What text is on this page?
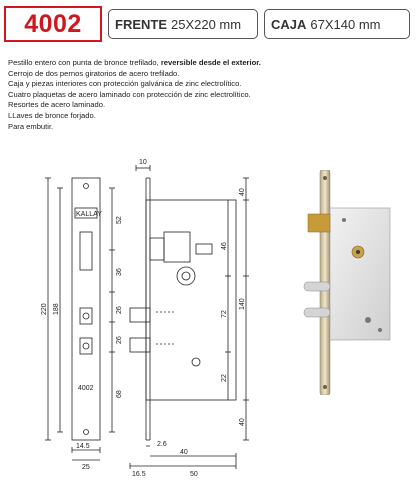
4002	FRENTE 25X220 mm CAJA 67X140 mm
Pestillo entero con punta de bronce trefilado, reversible desde el exterior.
Cerrojo de dos pernos giratorios de acero trefilado.
Caja y piezas interiores con protección galvánica de zinc electrolítico.
Cuatro plaquetas de acero laminado con protección de zinc electrolítico.
Resortes de acero laminado.
LLaves de bronce forjado.
Para embutir.
KALLAY
4002
10
220 188
52
36
26
26
68
14.5
25
2.6
40
16.5	50
40
46
140
72
22
40
